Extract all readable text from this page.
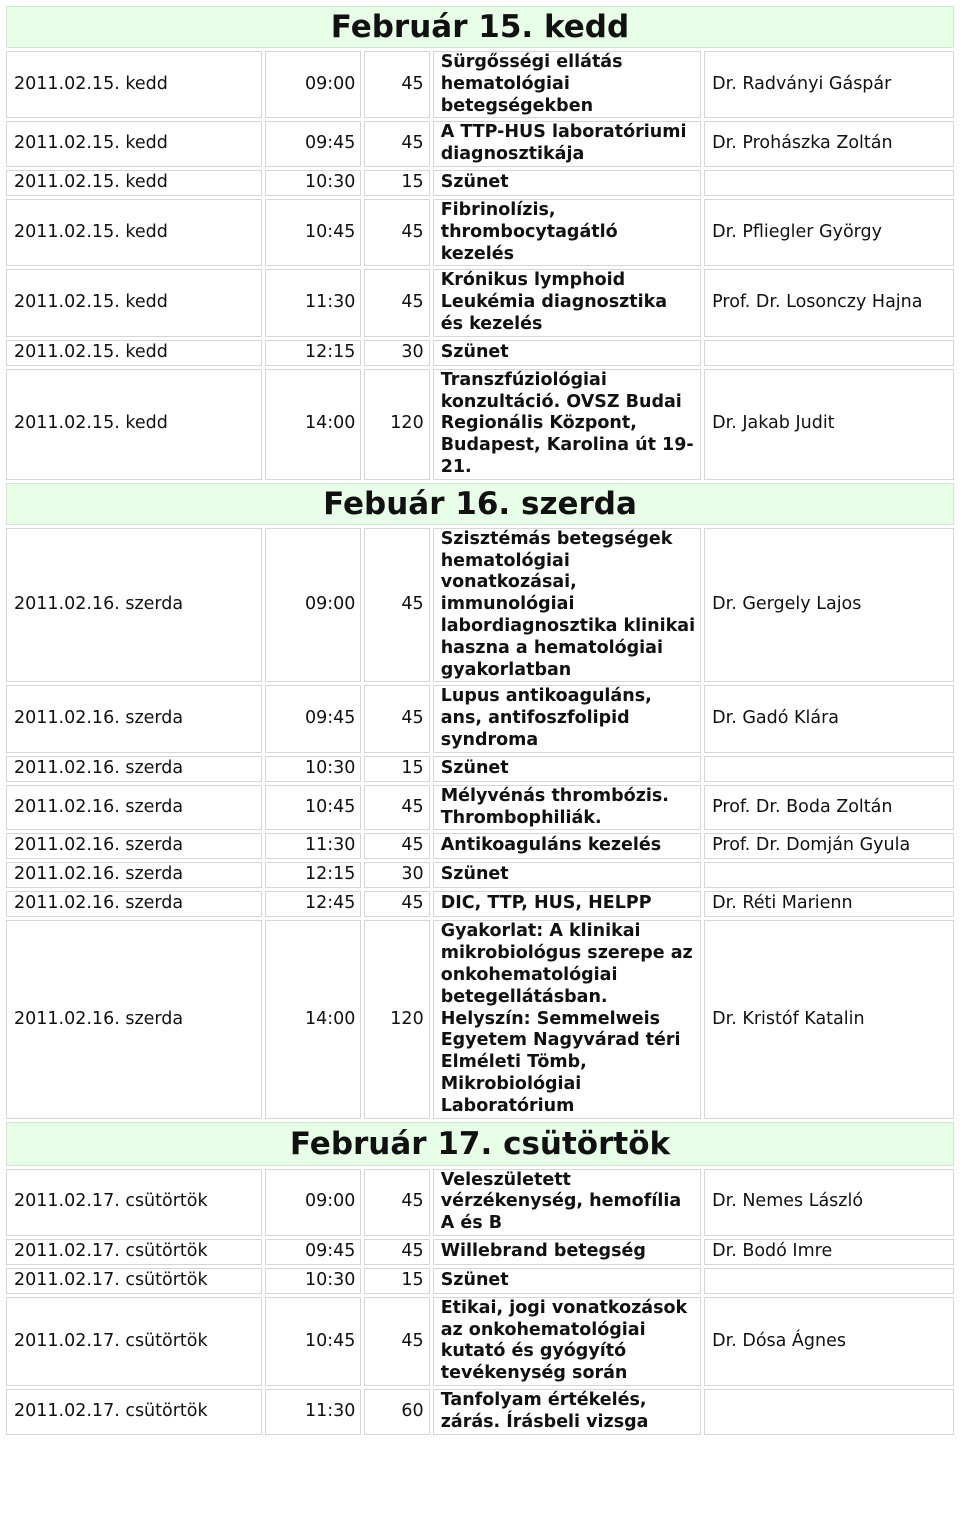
Február 15. kedd				
2011.02.15. kedd	09:00	45	Sürgősségi ellátás hematológiai betegségekben	Dr. Radványi Gáspár
2011.02.15. kedd	09:45	45	A TTP-HUS laboratóriumi diagnosztikája	Dr. Prohászka Zoltán
2011.02.15. kedd	10:30	15	Szünet	
2011.02.15. kedd	10:45	45	Fibrinolízis, thrombocytagátló kezelés	Dr. Pfliegler György
2011.02.15. kedd	11:30	45	Krónikus lymphoid Leukémia diagnosztika és kezelés	Prof. Dr. Losonczy Hajna
2011.02.15. kedd	12:15	30	Szünet	
2011.02.15. kedd	14:00	120	Transzfúziológiai konzultáció. OVSZ Budai Regionális Központ, Budapest, Karolina út 19-21.	Dr. Jakab Judit
Febuár 16. szerda				
2011.02.16. szerda	09:00	45	Szisztémás betegségek hematológiai vonatkozásai, immunológiai labordiagnosztika klinikai haszna a hematológiai gyakorlatban	Dr. Gergely Lajos
2011.02.16. szerda	09:45	45	Lupus antikoaguláns, ans, antifoszfolipid syndroma	Dr. Gadó Klára
2011.02.16. szerda	10:30	15	Szünet	
2011.02.16. szerda	10:45	45	Mélyvénás thrombózis. Thrombophiliák.	Prof. Dr. Boda Zoltán
2011.02.16. szerda	11:30	45	Antikoaguláns kezelés	Prof. Dr. Domján Gyula
2011.02.16. szerda	12:15	30	Szünet	
2011.02.16. szerda	12:45	45	DIC, TTP, HUS, HELPP	Dr. Réti Marienn
2011.02.16. szerda	14:00	120	Gyakorlat: A klinikai mikrobiológus szerepe az onkohematológiai betegellátásban. Helyszín: Semmelweis Egyetem Nagyvárad téri Elméleti Tömb, Mikrobiológiai Laboratórium	Dr. Kristóf Katalin
Február 17. csütörtök				
2011.02.17. csütörtök	09:00	45	Veleszületett vérzékenység, hemofília A és B	Dr. Nemes László
2011.02.17. csütörtök	09:45	45	Willebrand betegség	Dr. Bodó Imre
2011.02.17. csütörtök	10:30	15	Szünet	
2011.02.17. csütörtök	10:45	45	Etikai, jogi vonatkozások az onkohematológiai kutató és gyógyító tevékenység során	Dr. Dósa Ágnes
2011.02.17. csütörtök	11:30	60	Tanfolyam értékelés, zárás. Írásbeli vizsga	
